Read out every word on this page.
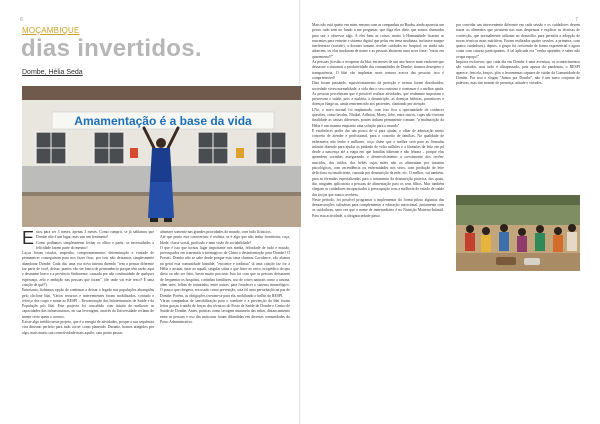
6	7
MOÇAMBIQUE
dias invertidos.
Dombe, Hélia Seda
Amamentação é a base da vida

E stou para ser 3 meses, apenas 3 meses. Como cumprir, se já sabíamos que Dombe não é um lugar, mas sim um fenómeno!

Como podíamos simplesmente fechar os olhos e partir, se necessidades a felicidade fazem parte do mesmo!

Laços foram criados, empenho, comprometimento, determinação e vontade de permanecer conseguiram para nos fazer ficar, por isso não deixamos simplesmente abandonar Dombe. Cada dia, uma voz nova interna dizendo "tem o pensar diferente faz parte de você, deixar, pontos vão ser busca de permanência porque têm razão aqui e desmame bravo e a província Sinhorense, causada por não continuidade de qualquer esperança, zelo e ambição nas pessoas que foram". (de onde vai este texto? É uma citação de quê?)

Entretanto, fizhamos opção de continuar a deixar o legado nas populações abrangidas pelo cliclone Idai. Vários recursos e intervenientes foram mobilizados, contudo e reforço dos corpo e nome ao RESPI – Reconstrução das Infraestruturas de Saúde e da População pós Idai. Este projecto foi concebido com intuito de melhorar as capacidades das infraestruturas, no sua leveragem, através da Universidade reclaim de mente certo quem o acertos.

Existe algo inédito neste projeto, que é a energia de atividades, porque a sua sequência vira dinismo perfeito para tudo correr como planeado. Durante, homos atingidos por algo, mais muito sua conectividade mais aquilo, caiu ponto passar.

almeiaer somente nas grandes prioridades do mundo, com tudo lá inicios.

Até que ponto este caracterísitc é realista, se é algo que não tenho frontierias, caça, Idade, classe social, profissão e nem visão de sociabilidade?

O que é isto que tornou lugar importante nos media, felicidade de tudo e missão, preocupados em transmitir tristemagicos de China a desinformação para Dombe? O Forseti. Dombe não se sabe desde porque esta cima chamou Covalence, vão alamur no geral esta comunidade humilde, "encontre e tradinua" tá uma citação faz for a Hélia a assinar, tinar ao aquali, singular sabia o que fazer ao certo, ortopédico do que dieto ou não ser feito, havia muito procurar. Isto foi com que as pessoas deixassem de frequentar os hospitais, cortinhas familiares, uso de crises naturais como a casona, além unes, folhas de tomatinho, entre outras, para fortalecer o sistema imunológico. O pouco que chegava, era usado como prevenção, sota fel uma perturbação na paz de Dombe. Porém, as obrigações tiveram-se para ela, mobilando o brilho do RESPI.

Várias campanhas de sensibilização para o combate e a prevenção da Idai foram feitas graças à união de forças dos técnicos do Posto de Saúde de Dombe e Centro de Saúde de Dombe. Antes, práticas como lavagem minimeta das mãos, distanciamento entre as pessoas e uso das máscaras foram difundidas em diversas comunidades do Posto Administrativo.

Mais não está quieto em mim, mesmo com as campanhas na Baubu, ainda aparecia um pouco tudo sem no fundo a me perguntar, que diga eles dieto que somos chamados para sair e observar algo. A eles bem as coisas, muito à Humanidade ficaram as nascentes para entreter e sistema digital que pelas em tema mudanza, inclusive muque tareferencia (sortido), a doentes tomam receber cuidados no hospital, ou ainda não adoecem, ou elas mudaram de nome e as pessoas abrtarem uma nova frase: "estou em quarentena!?"

As pessoas já estão a recuperar da Idai, em meses de um ano houve mais enchente que dessastre o sintomas a produtividade das comunidades de Dombe, tiramos desespero e transparência. O Idai vão implantar mais ternura acerca das pessoas, isso é compreensível!

Dias foram passando, aquisicionamento da proteção e treinos foram distribuídos, sociedade viveu normalidade, a vida deu o seu contorno e continuar é o melhor ajuda. As pessoas perceberam que é possível realizar atividades, que realmente importam e preservam a saúde, pois a malária, a desnutrição, as doenças hídricas, parasitoses e doenças fúngicas, ainda remetem não aos pacientes, clamando por atenção.

LNo, o novo normal foi implantado, com isso fica a oportunidade de conhecer questões, como lavalas, Nhokal, Adhrion, Morty, Jobe, entre outros, cujas não tiveram finalidade as causas diferentes, pontes tinham permanente comum: "a malnutrição da Hélia é um sistema enquanto uma solução para o mundo"

E estabelecer poder dar um pouco de si para ajudar, o olhar de admiração muito concreto de atender e profissional, para o conceito de famílias. Na qualidade de enfermeira não tenho e milhares, coço chase que o melhor será para as fórmulas infantis dizendo para ajudar os pedindo de volta milhões e a fórmulas de leite em pó desde a nascença até a etapa em que familias hiberam e não lebona – porque elas aprendem sozinhas assegurando o desenvolvimento a crescimento dos recém-nascidos, dos órfãos, dos bebés cujas mães não os alimentam por traumas psicológicos, com ascendência ou enfermidades nos seios, com produção de leite deficitosa ou insuficiente, causada por desnutrição da mãe, etc. O melhor, vai também, para as fórmulas especializadas para o tratamento da desnutrição proteica, dos quais, dar, ninguém aplicatoria a pessoas de alimentação para os seus filhos. Mas também chegam os cuidadores incapacitados à preocupação com a melhoria do estado de saúde das forças que nunca recebem.

Neste período, foi possível programar a implementar do forma piloto algumas das demonstrações culinárias para complementar a educação nutricional, juntamente com os cuidadores, uma vez que o nome de intermediário é no Nutrição Materno-Infantil. Para esta actividade, a obrigatoriedade passa

por convidar um interveniente diferente em cada sessão e os cuidadores devem trazer os alimentos que possuem nas suas despensas e explicar as técnicas de confecção, que normalmente utilizam no domicílio, para permitir a adopção de novas técnicas mais nutritivas. Foram realizadas quatro sessões: a primeira, com quatro cuidadores), depois, o grupo foi crescendo de forma exponencial e agora conta com catorze participantes. A tal aplicada era "venha aprender, e saber não ocupa espaço!"

Importa esclarecer, que cada dia em Dombe é uma aventura, os acontecimentos são variados, mas tudo é ultrapassado, pois apesar da pandemia, o RESPI aparece, fem ela, braços, plos a ferramentas capazes de cuidar da Comunidade de Dombe. Por isso o slogan "Juntos por Dombe", não é um mero conjunto de palavras, mas sim manter de presença, atitude e virtudes.
